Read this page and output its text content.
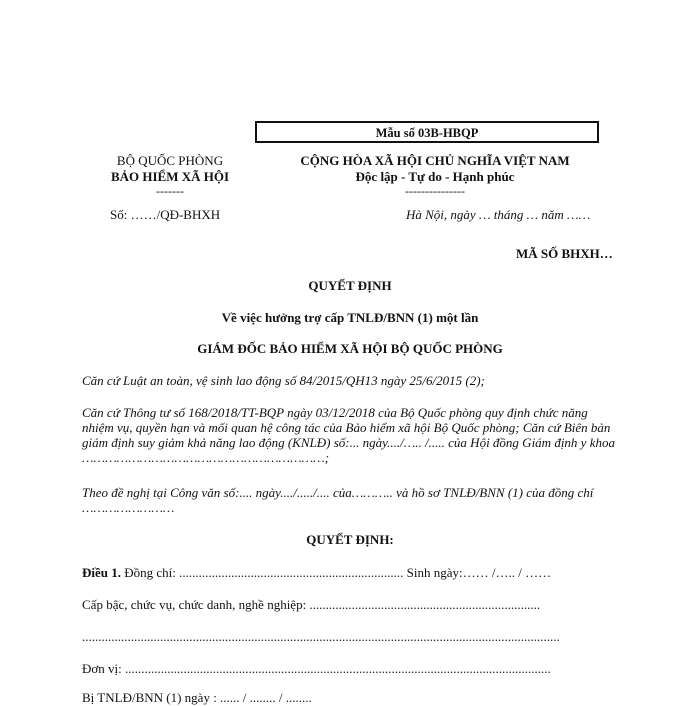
Mẫu số 03B-HBQP
BỘ QUỐC PHÒNG
BẢO HIỂM XÃ HỘI
-------
Số: ……/QĐ-BHXH
CỘNG HÒA XÃ HỘI CHỦ NGHĨA VIỆT NAM
Độc lập - Tự do - Hạnh phúc
---------------
Hà Nội, ngày … tháng … năm ……
MÃ SỐ BHXH…
QUYẾT ĐỊNH
Về việc hưởng trợ cấp TNLĐ/BNN (1) một lần
GIÁM ĐỐC BẢO HIỂM XÃ HỘI BỘ QUỐC PHÒNG
Căn cứ Luật an toàn, vệ sinh lao động số 84/2015/QH13 ngày 25/6/2015 (2);
Căn cứ Thông tư số 168/2018/TT-BQP ngày 03/12/2018 của Bộ Quốc phòng quy định chức năng nhiệm vụ, quyền hạn và mối quan hệ công tác của Bảo hiểm xã hội Bộ Quốc phòng; Căn cứ Biên bản giám định suy giảm khả năng lao động (KNLĐ) số:... ngày..../….. /..... của Hội đồng Giám định y khoa ………………………………………………………;
Theo đề nghị tại Công văn số:.... ngày..../...../.... của……….. và hồ sơ TNLĐ/BNN (1) của đồng chí ……………………
QUYẾT ĐỊNH:
Điều 1. Đồng chí: ..................................................................... Sinh ngày:…… /….. / ……
Cấp bậc, chức vụ, chức danh, nghề nghiệp: .......................................................................
...................................................................................................................................................
Đơn vị: ...................................................................................................................................
Bị TNLĐ/BNN (1) ngày : ...... / ........ / ........
